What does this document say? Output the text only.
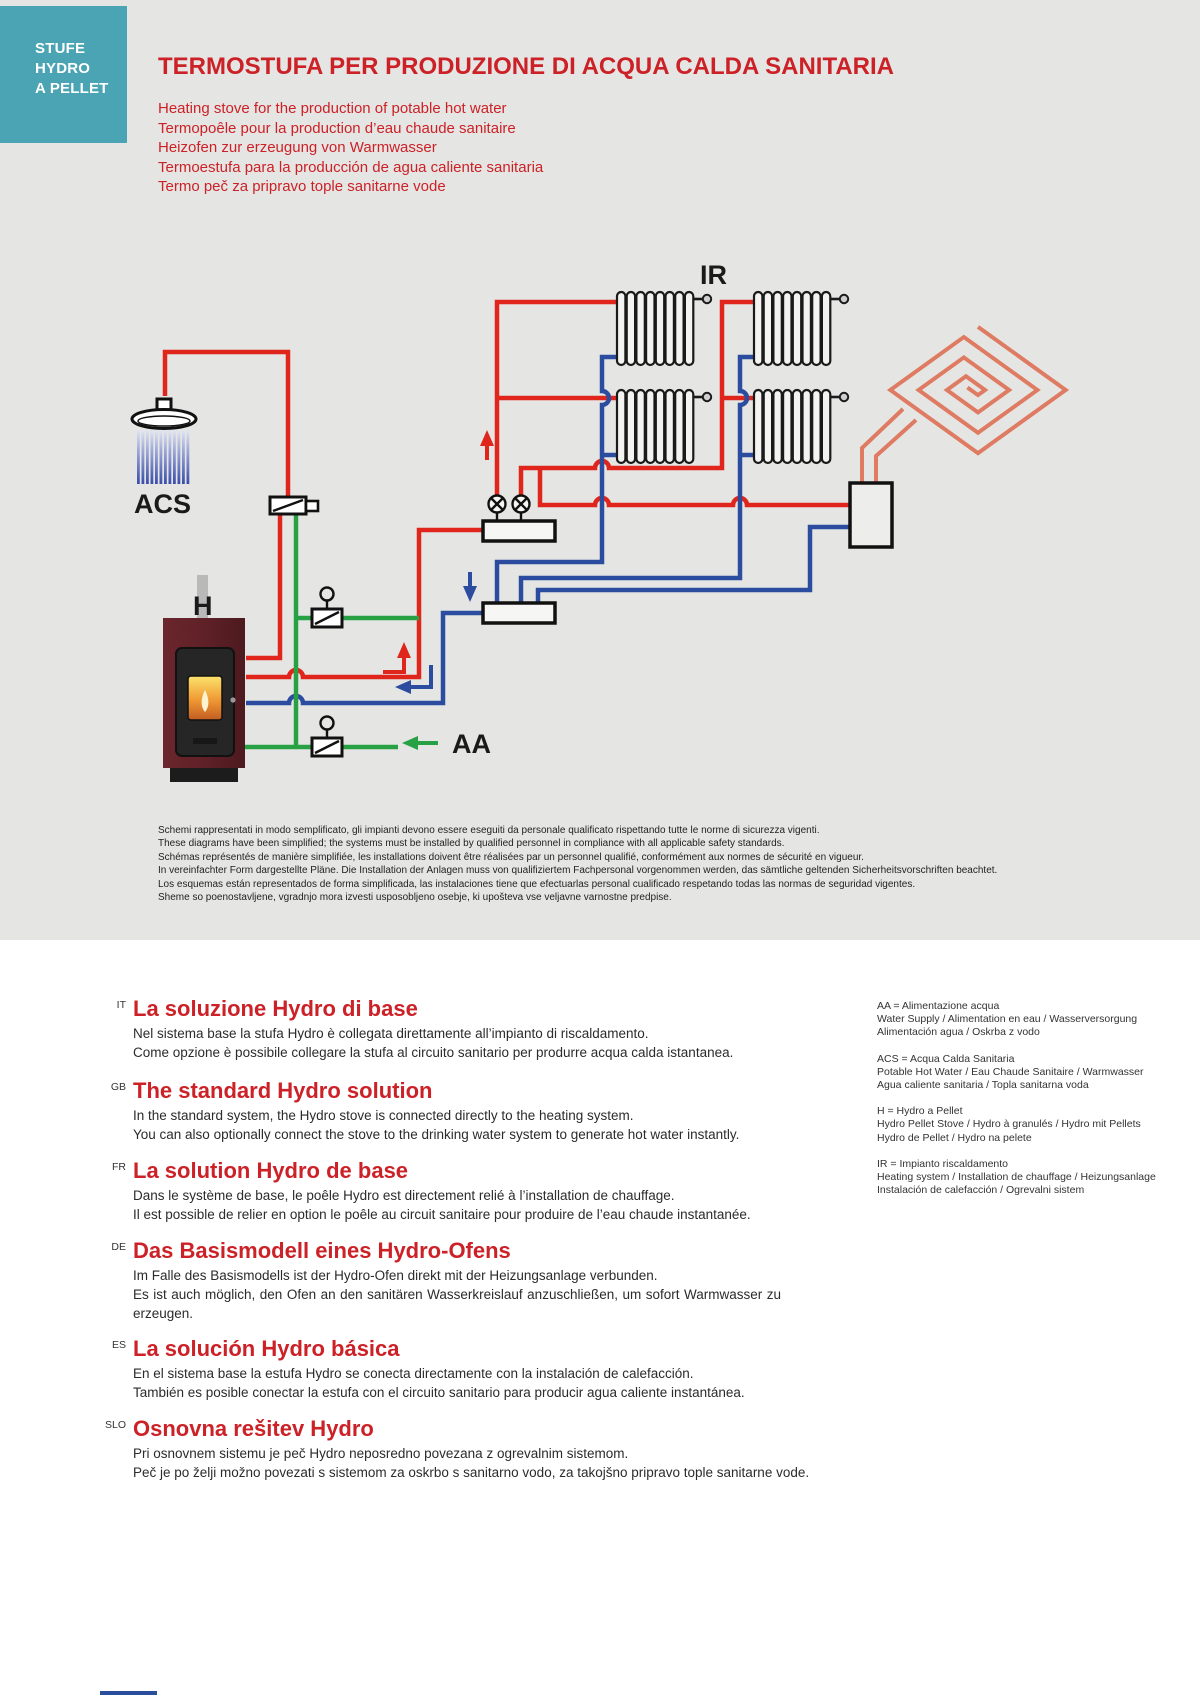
STUFE
HYDRO
A PELLET
TERMOSTUFA PER PRODUZIONE DI ACQUA CALDA SANITARIA
Heating stove for the production of potable hot water
Termopoêle pour la production d’eau chaude sanitaire
Heizofen zur erzeugung von Warmwasser
Termoestufa para la producción de agua caliente sanitaria
Termo peč za pripravo tople sanitarne vode
IR
ACS
H
AA
Schemi rappresentati in modo semplificato, gli impianti devono essere eseguiti da personale qualificato rispettando tutte le norme di sicurezza vigenti.
These diagrams have been simplified; the systems must be installed by qualified personnel in compliance with all applicable safety standards.
Schémas représentés de manière simplifiée, les installations doivent être réalisées par un personnel qualifié, conformément aux normes de sécurité en vigueur.
In vereinfachter Form dargestellte Pläne. Die Installation der Anlagen muss von qualifiziertem Fachpersonal vorgenommen werden, das sämtliche geltenden Sicherheitsvorschriften beachtet.
Los esquemas están representados de forma simplificada, las instalaciones tiene que efectuarlas personal cualificado respetando todas las normas de seguridad vigentes.
Sheme so poenostavljene, vgradnjo mora izvesti usposobljeno osebje, ki upošteva vse veljavne varnostne predpise.
IT La soluzione Hydro di base
Nel sistema base la stufa Hydro è collegata direttamente all’impianto di riscaldamento.
Come opzione è possibile collegare la stufa al circuito sanitario per produrre acqua calda istantanea.
GB The standard Hydro solution
In the standard system, the Hydro stove is connected directly to the heating system.
You can also optionally connect the stove to the drinking water system to generate hot water instantly.
FR La solution Hydro de base
Dans le système de base, le poêle Hydro est directement relié à l’installation de chauffage.
Il est possible de relier en option le poêle au circuit sanitaire pour produire de l’eau chaude instantanée.
DE Das Basismodell eines Hydro-Ofens
Im Falle des Basismodells ist der Hydro-Ofen direkt mit der Heizungsanlage verbunden.
Es ist auch möglich, den Ofen an den sanitären Wasserkreislauf anzuschließen, um sofort Warmwasser zu erzeugen.
ES La solución Hydro básica
En el sistema base la estufa Hydro se conecta directamente con la instalación de calefacción.
También es posible conectar la estufa con el circuito sanitario para producir agua caliente instantánea.
SLO Osnovna rešitev Hydro
Pri osnovnem sistemu je peč Hydro neposredno povezana z ogrevalnim sistemom.
Peč je po želji možno povezati s sistemom za oskrbo s sanitarno vodo, za takojšno pripravo tople sanitarne vode.
AA = Alimentazione acqua
Water Supply / Alimentation en eau / Wasserversorgung
Alimentación agua / Oskrba z vodo
ACS = Acqua Calda Sanitaria
Potable Hot Water / Eau Chaude Sanitaire / Warmwasser
Agua caliente sanitaria / Topla sanitarna voda
H = Hydro a Pellet
Hydro Pellet Stove / Hydro à granulés / Hydro mit Pellets
Hydro de Pellet / Hydro na pelete
IR = Impianto riscaldamento
Heating system / Installation de chauffage / Heizungsanlage
Instalación de calefacción / Ogrevalni sistem
